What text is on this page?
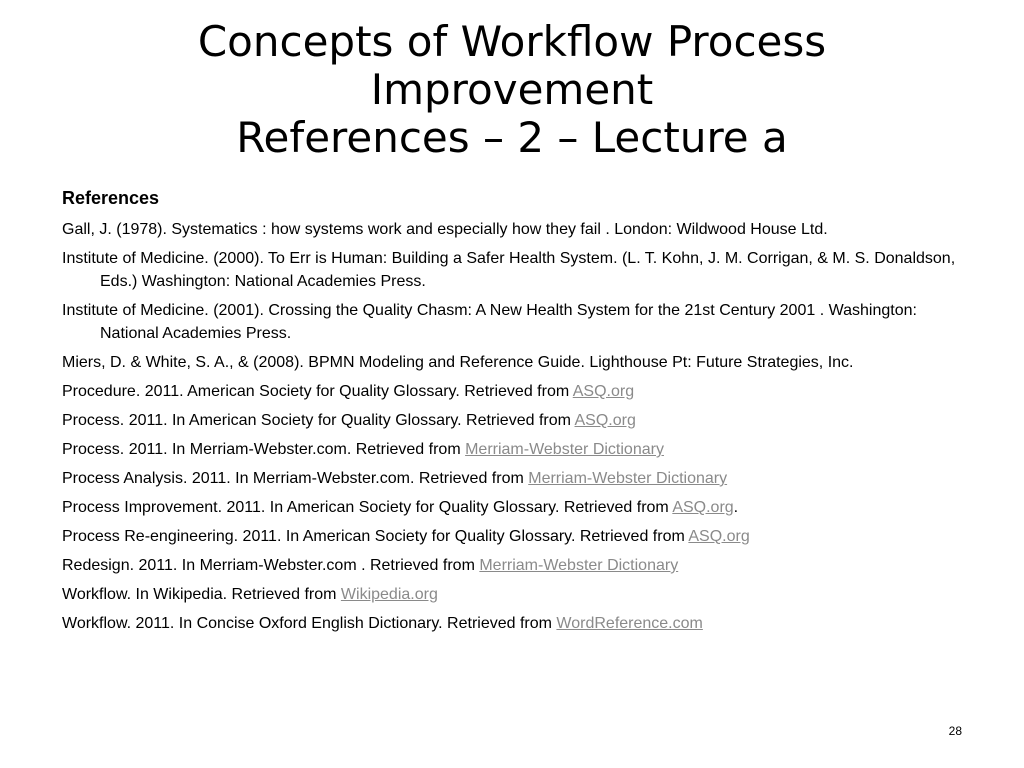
Concepts of Workflow Process
Improvement
References – 2 – Lecture a
References
Gall, J. (1978). Systematics : how systems work and especially how they fail . London: Wildwood House Ltd.
Institute of Medicine. (2000). To Err is Human: Building a Safer Health System. (L. T. Kohn, J. M. Corrigan, & M. S. Donaldson, Eds.) Washington: National Academies Press.
Institute of Medicine. (2001). Crossing the Quality Chasm: A New Health System for the 21st Century 2001 . Washington: National Academies Press.
Miers, D. & White, S. A., & (2008). BPMN Modeling and Reference Guide. Lighthouse Pt: Future Strategies, Inc.
Procedure. 2011. American Society for Quality Glossary. Retrieved from ASQ.org
Process. 2011. In American Society for Quality Glossary. Retrieved from ASQ.org
Process. 2011. In Merriam-Webster.com. Retrieved from Merriam-Webster Dictionary
Process Analysis. 2011. In Merriam-Webster.com. Retrieved from Merriam-Webster Dictionary
Process Improvement. 2011. In American Society for Quality Glossary. Retrieved from ASQ.org.
Process Re-engineering. 2011. In American Society for Quality Glossary. Retrieved from ASQ.org
Redesign. 2011. In Merriam-Webster.com . Retrieved from Merriam-Webster Dictionary
Workflow. In Wikipedia. Retrieved from Wikipedia.org
Workflow. 2011. In Concise Oxford English Dictionary. Retrieved from WordReference.com
28
